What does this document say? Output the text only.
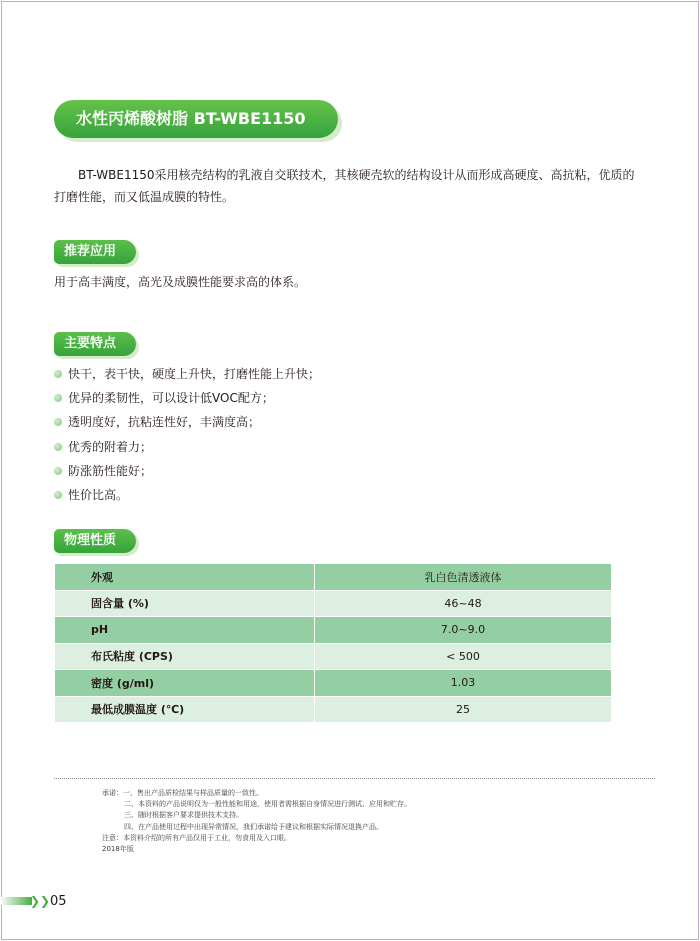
水性丙烯酸树脂 BT-WBE1150

BT-WBE1150采用核壳结构的乳液自交联技术，其核硬壳软的结构设计从而形成高硬度、高抗粘，优质的打磨性能，而又低温成膜的特性。

推荐应用
用于高丰满度，高光及成膜性能要求高的体系。
主要特点
快干，表干快，硬度上升快，打磨性能上升快；
优异的柔韧性，可以设计低VOC配方；
透明度好，抗粘连性好，丰满度高；
优秀的附着力；
防涨筋性能好；
性价比高。
物理性质
外观	乳白色清透液体
固含量 (%)	46~48
pH	7.0~9.0
布氏粘度 (CPS)	< 500
密度 (g/ml)	1.03
最低成膜温度 (℃)	25
承诺：一、售出产品质检结果与样品质量的一致性。
二、本资料的产品说明仅为一般性能和用途，使用者需根据自身情况进行测试、应用和贮存。
三、随时根据客户要求提供技术支持。
四、在产品使用过程中出现异常情况，我们承诺给予建议和根据实际情况退换产品。
注意：本资料介绍的所有产品仅用于工业，勿食用及入口眼。
2018年版
❯❯ 05
